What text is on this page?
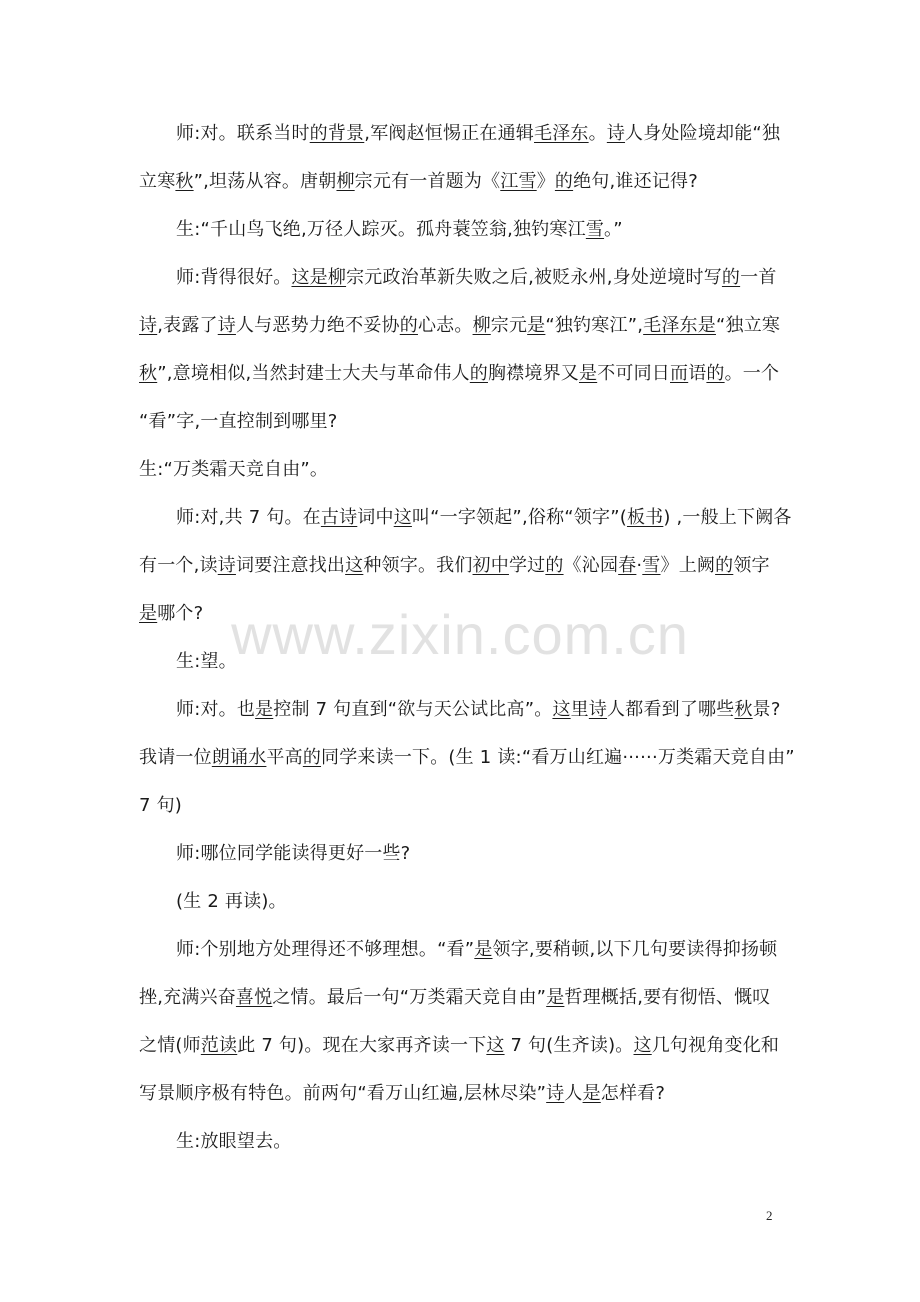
师:对。联系当时的背景,军阀赵恒惕正在通辑毛泽东。诗人身处险境却能“独
立寒秋”,坦荡从容。唐朝柳宗元有一首题为《江雪》的绝句,谁还记得?
生:“千山鸟飞绝,万径人踪灭。孤舟蓑笠翁,独钓寒江雪。”
师:背得很好。这是柳宗元政治革新失败之后,被贬永州,身处逆境时写的一首
诗,表露了诗人与恶势力绝不妥协的心志。柳宗元是“独钓寒江”,毛泽东是“独立寒
秋”,意境相似,当然封建士大夫与革命伟人的胸襟境界又是不可同日而语的。一个
“看”字,一直控制到哪里?
生:“万类霜天竞自由”。
师:对,共 7 句。在古诗词中这叫“一字领起”,俗称“领字”(板书) ,一般上下阙各
有一个,读诗词要注意找出这种领字。我们初中学过的《沁园春·雪》上阙的领字
是哪个?
生:望。
师:对。也是控制 7 句直到“欲与天公试比高”。这里诗人都看到了哪些秋景?
我请一位朗诵水平高的同学来读一下。(生 1 读:“看万山红遍······万类霜天竞自由”
7 句)
师:哪位同学能读得更好一些?
(生 2 再读)。
师:个别地方处理得还不够理想。“看”是领字,要稍顿,以下几句要读得抑扬顿
挫,充满兴奋喜悦之情。最后一句“万类霜天竞自由”是哲理概括,要有彻悟、慨叹
之情(师范读此 7 句)。现在大家再齐读一下这 7 句(生齐读)。这几句视角变化和
写景顺序极有特色。前两句“看万山红遍,层林尽染”诗人是怎样看?
生:放眼望去。
www.zixin.com.cn
2
